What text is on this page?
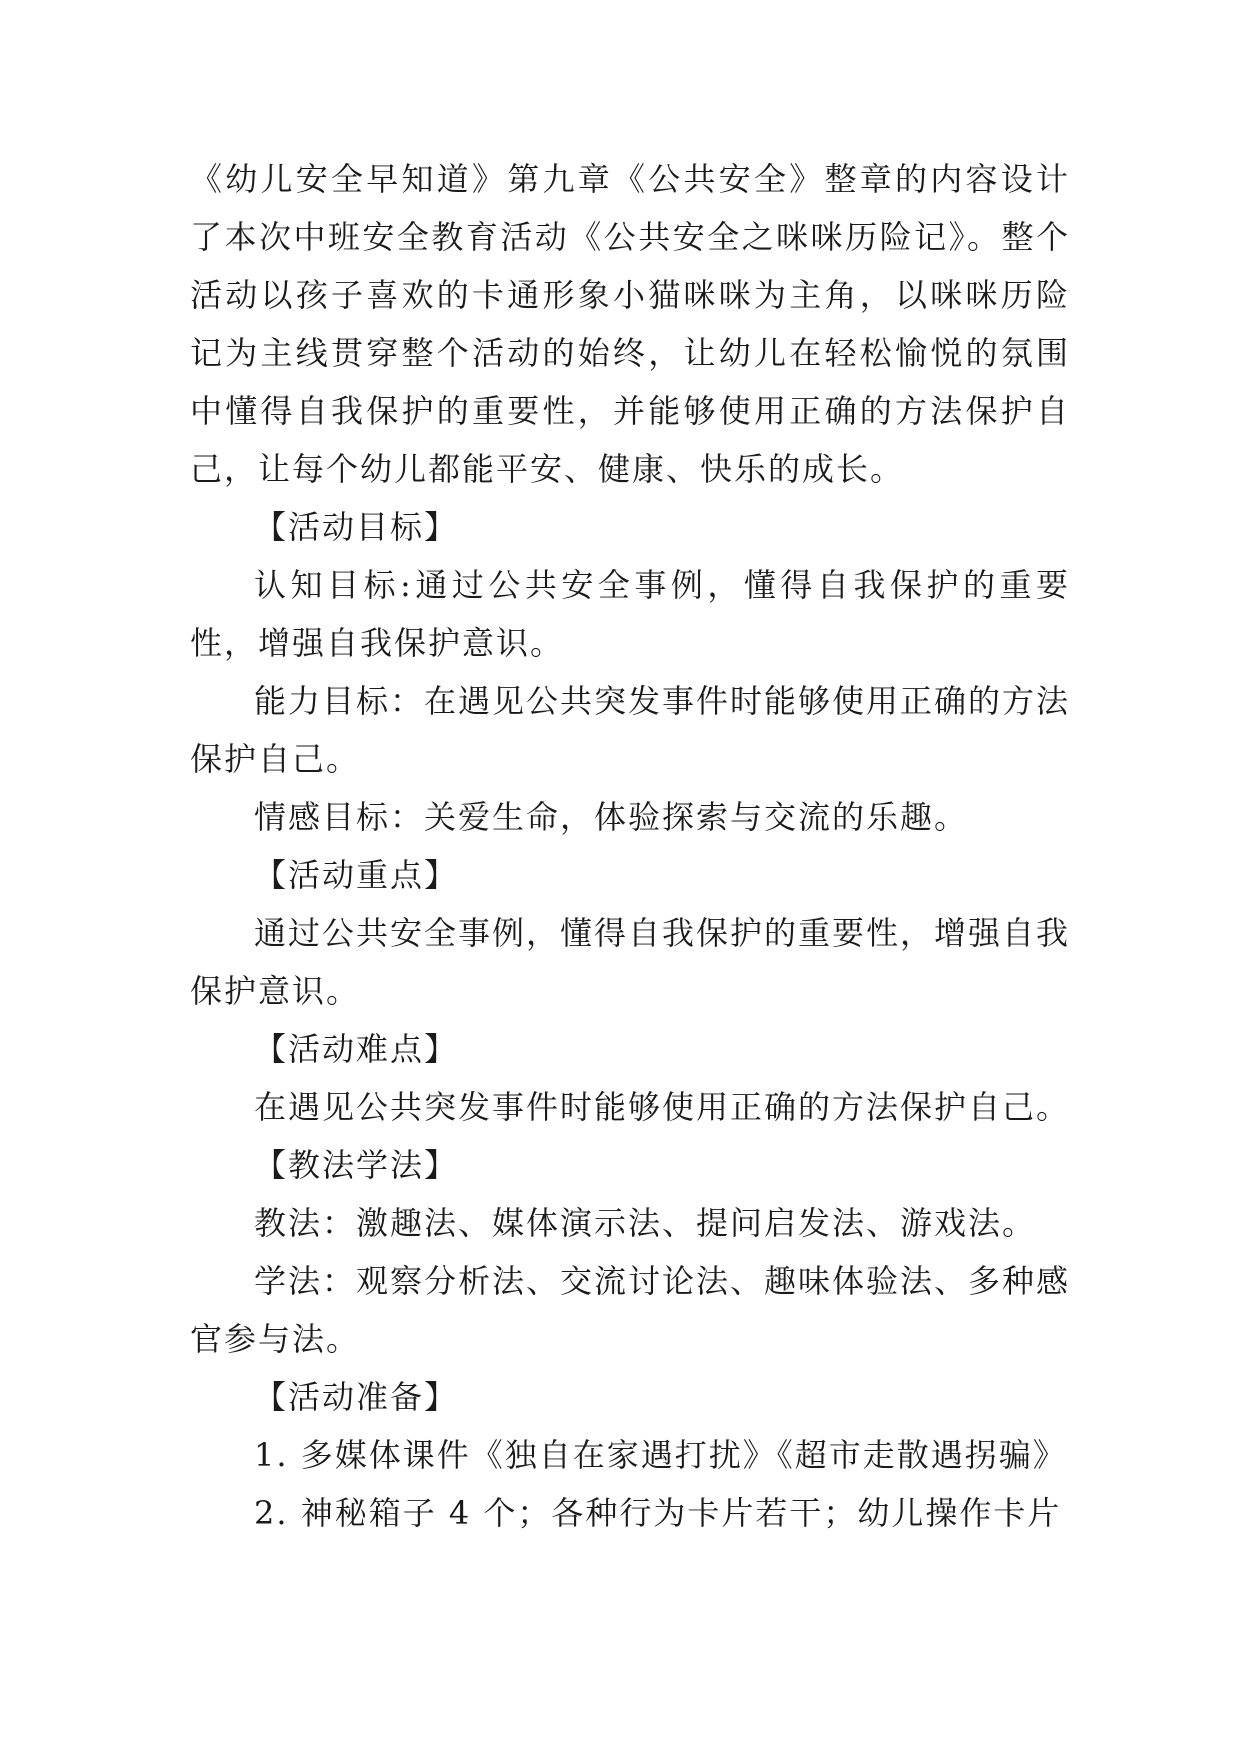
《幼儿安全早知道》第九章《公共安全》整章的内容设计了本次中班安全教育活动《公共安全之咪咪历险记》。整个活动以孩子喜欢的卡通形象小猫咪咪为主角，以咪咪历险记为主线贯穿整个活动的始终，让幼儿在轻松愉悦的氛围中懂得自我保护的重要性，并能够使用正确的方法保护自己，让每个幼儿都能平安、健康、快乐的成长。

【活动目标】

认知目标:通过公共安全事例，懂得自我保护的重要性，增强自我保护意识。

能力目标：在遇见公共突发事件时能够使用正确的方法保护自己。

情感目标：关爱生命，体验探索与交流的乐趣。

【活动重点】

通过公共安全事例，懂得自我保护的重要性，增强自我保护意识。

【活动难点】

在遇见公共突发事件时能够使用正确的方法保护自己。

【教法学法】

教法：激趣法、媒体演示法、提问启发法、游戏法。

学法：观察分析法、交流讨论法、趣味体验法、多种感官参与法。

【活动准备】

1. 多媒体课件《独自在家遇打扰》《超市走散遇拐骗》

2. 神秘箱子 4 个；各种行为卡片若干；幼儿操作卡片
